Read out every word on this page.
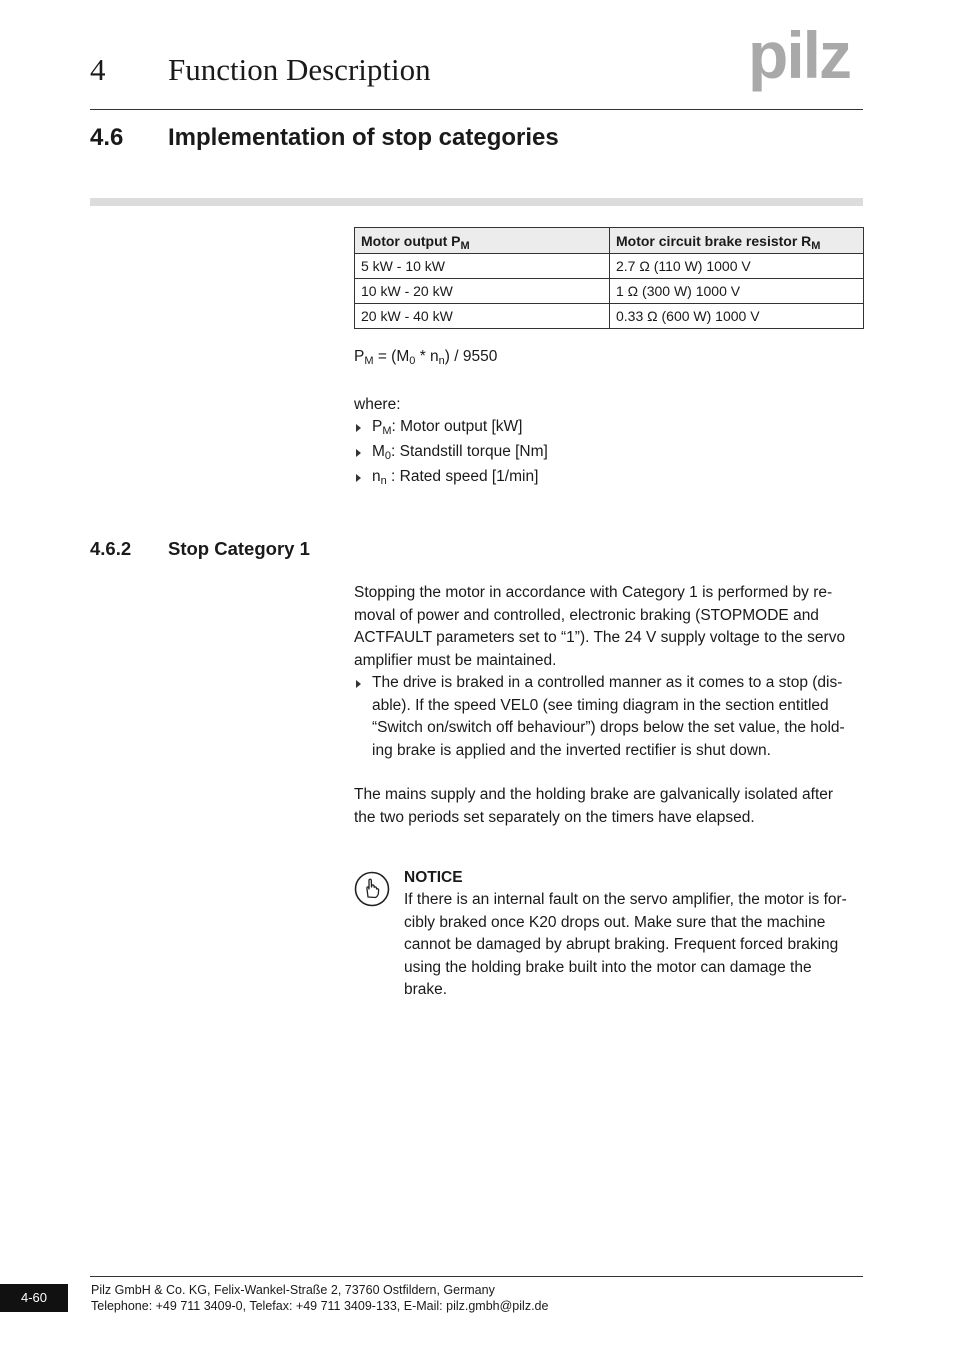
4 Function Description	pilz
4.6 Implementation of stop categories
Motor output $P_M$	Motor circuit brake resistor $R_M$
5 kW - 10 kW	2.7 Ω (110 W) 1000 V
10 kW - 20 kW	1 Ω (300 W) 1000 V
20 kW - 40 kW	0.33 Ω (600 W) 1000 V
$P_M = (M_0 * n_n) / 9550$
where:
$P_M$: Motor output [kW]
$M_0$: Standstill torque [Nm]
$n_n$ : Rated speed [1/min]
4.6.2 Stop Category 1
Stopping the motor in accordance with Category 1 is performed by re-
moval of power and controlled, electronic braking (STOPMODE and
ACTFAULT parameters set to “1”). The 24 V supply voltage to the servo
amplifier must be maintained.
The drive is braked in a controlled manner as it comes to a stop (dis-
able). If the speed VEL0 (see timing diagram in the section entitled
“Switch on/switch off behaviour”) drops below the set value, the hold-
ing brake is applied and the inverted rectifier is shut down.
The mains supply and the holding brake are galvanically isolated after
the two periods set separately on the timers have elapsed.
NOTICE
If there is an internal fault on the servo amplifier, the motor is for-
cibly braked once K20 drops out. Make sure that the machine
cannot be damaged by abrupt braking. Frequent forced braking
using the holding brake built into the motor can damage the
brake.
4-60	Pilz GmbH & Co. KG, Felix-Wankel-Straße 2, 73760 Ostfildern, Germany
Telephone: +49 711 3409-0, Telefax: +49 711 3409-133, E-Mail: pilz.gmbh@pilz.de
